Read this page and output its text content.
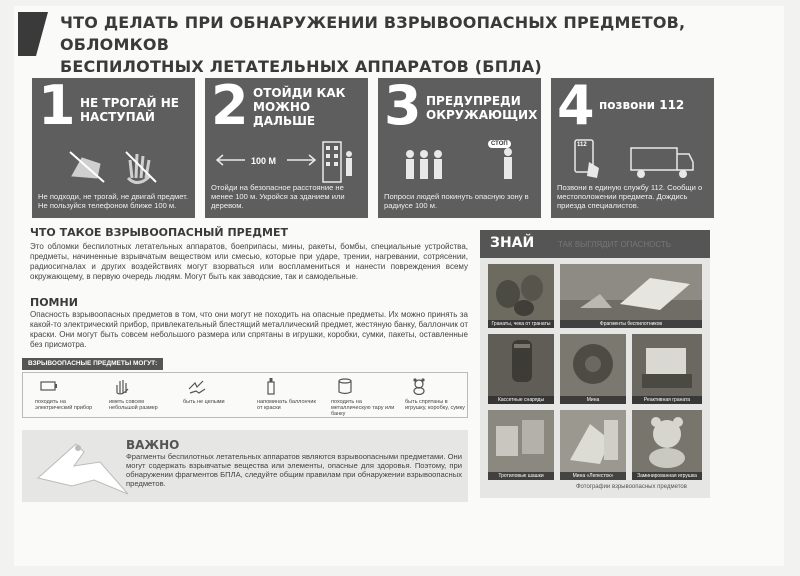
ЧТО ДЕЛАТЬ ПРИ ОБНАРУЖЕНИИ ВЗРЫВООПАСНЫХ ПРЕДМЕТОВ, ОБЛОМКОВ
БЕСПИЛОТНЫХ ЛЕТАТЕЛЬНЫХ АППАРАТОВ (БПЛА)
1 НЕ ТРОГАЙ НЕ НАСТУПАЙ
Не подходи, не трогай, не двигай предмет. Не пользуйся телефоном ближе 100 м.
2 ОТОЙДИ КАК МОЖНО ДАЛЬШЕ
100 М
Отойди на безопасное расстояние не менее 100 м. Укройся за зданием или деревом.
3 ПРЕДУПРЕДИ ОКРУЖАЮЩИХ
СТОП
Попроси людей покинуть опасную зону в радиусе 100 м.
4 позвони 112
112
Позвони в единую службу 112. Сообщи о местоположении предмета. Дождись приезда специалистов.
ЧТО ТАКОЕ ВЗРЫВООПАСНЫЙ ПРЕДМЕТ
Это обломки беспилотных летательных аппаратов, боеприпасы, мины, ракеты, бомбы, специальные устройства, предметы, начиненные взрывчатым веществом или смесью, которые при ударе, трении, нагревании, сотрясении, радиосигналах и других воздействиях могут взорваться или воспламениться и нанести повреждения всему окружающему, в первую очередь людям. Могут быть как заводские, так и самодельные.
ПОМНИ
Опасность взрывоопасных предметов в том, что они могут не походить на опасные предметы. Их можно принять за какой-то электрический прибор, привлекательный блестящий металлический предмет, жестяную банку, баллончик от краски. Они могут быть совсем небольшого размера или спрятаны в игрушки, коробки, сумки, пакеты, оставленные без присмотра.
ВЗРЫВООПАСНЫЕ ПРЕДМЕТЫ МОГУТ:
походить на электрический прибор
иметь совсем небольшой размер
быть не целыми	напоминать баллончик от краски
походить на металлическую тару или банку
быть спрятаны в игрушку, коробку, сумку
ВАЖНО
Фрагменты беспилотных летательных аппаратов являются взрывоопасными предметами. Они могут содержать взрывчатые вещества или элементы, опасные для здоровья. Поэтому, при обнаружении фрагментов БПЛА, следуйте общим правилам при обнаружении взрывоопасных предметов.
ЗНАЙ	ТАК ВЫГЛЯДИТ ОПАСНОСТЬ
Гранаты, чека от гранаты	Фрагменты беспилотников
Кассетные снаряды	Мина	Реактивная граната
Тротиловые шашки	Мина «Лепесток»	Заминированная игрушка
Фотографии взрывоопасных предметов
